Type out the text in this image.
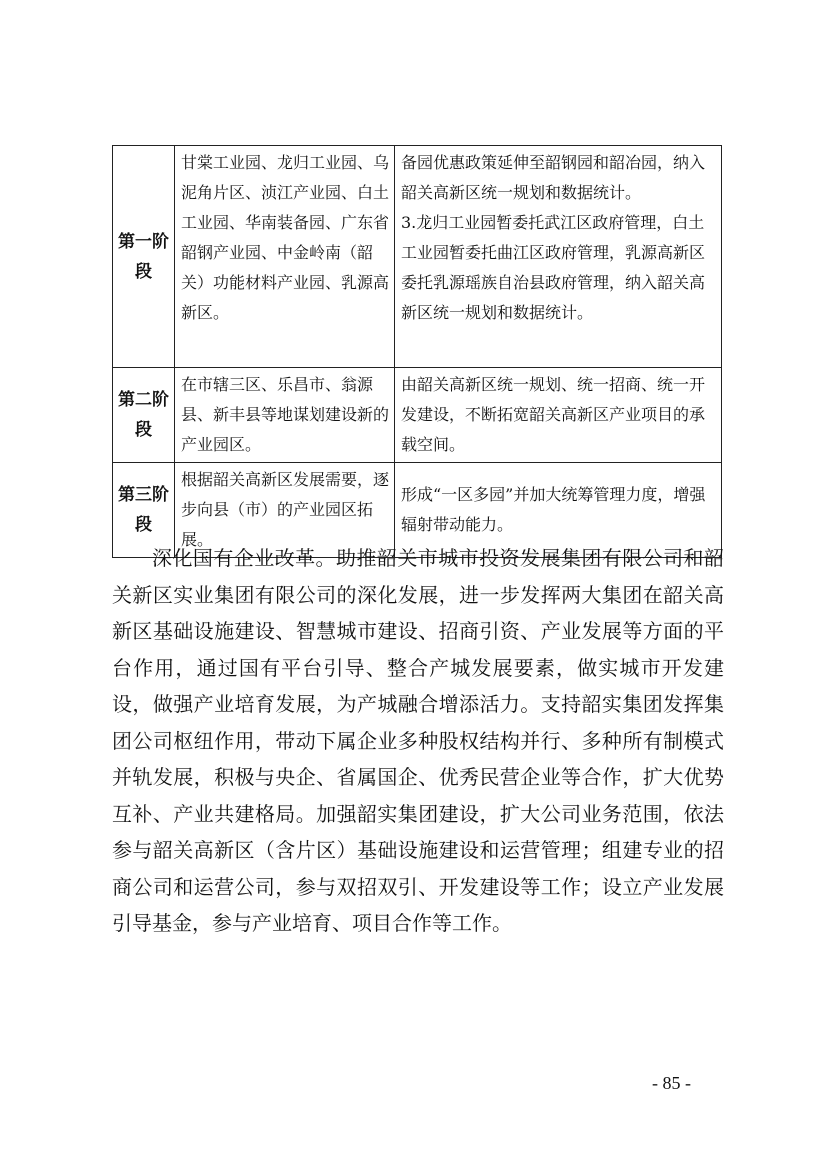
第一阶段	甘棠工业园、龙归工业园、乌泥角片区、浈江产业园、白土工业园、华南装备园、广东省韶钢产业园、中金岭南（韶关）功能材料产业园、乳源高新区。	备园优惠政策延伸至韶钢园和韶冶园，纳入韶关高新区统一规划和数据统计。
3.龙归工业园暂委托武江区政府管理，白土工业园暂委托曲江区政府管理，乳源高新区委托乳源瑶族自治县政府管理，纳入韶关高新区统一规划和数据统计。

第二阶段	在市辖三区、乐昌市、翁源县、新丰县等地谋划建设新的产业园区。	由韶关高新区统一规划、统一招商、统一开发建设，不断拓宽韶关高新区产业项目的承载空间。
第三阶段	根据韶关高新区发展需要，逐步向县（市）的产业园区拓展。	形成“一区多园”并加大统筹管理力度，增强辐射带动能力。

深化国有企业改革。助推韶关市城市投资发展集团有限公司和韶关新区实业集团有限公司的深化发展，进一步发挥两大集团在韶关高新区基础设施建设、智慧城市建设、招商引资、产业发展等方面的平台作用，通过国有平台引导、整合产城发展要素，做实城市开发建设，做强产业培育发展，为产城融合增添活力。支持韶实集团发挥集团公司枢纽作用，带动下属企业多种股权结构并行、多种所有制模式并轨发展，积极与央企、省属国企、优秀民营企业等合作，扩大优势互补、产业共建格局。加强韶实集团建设，扩大公司业务范围，依法参与韶关高新区（含片区）基础设施建设和运营管理；组建专业的招商公司和运营公司，参与双招双引、开发建设等工作；设立产业发展引导基金，参与产业培育、项目合作等工作。

- 85 -
